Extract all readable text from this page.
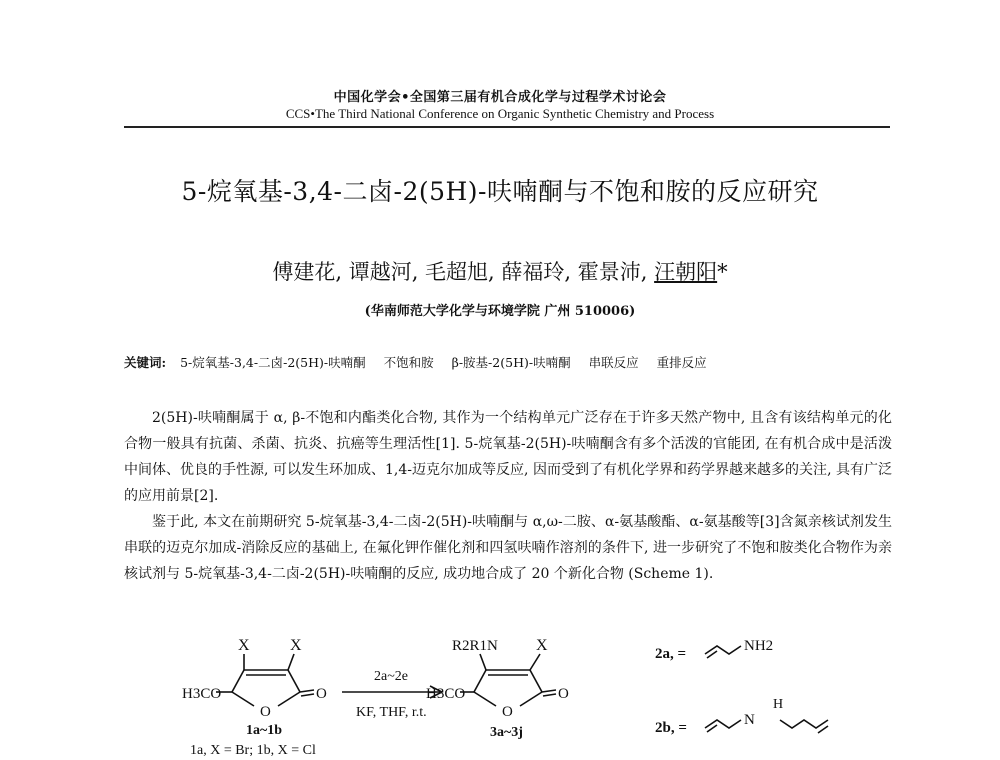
中国化学会•全国第三届有机合成化学与过程学术讨论会
CCS•The Third National Conference on Organic Synthetic Chemistry and Process
5-烷氧基-3,4-二卤-2(5H)-呋喃酮与不饱和胺的反应研究
傅建花, 谭越河, 毛超旭, 薛福玲, 霍景沛, 汪朝阳*
(华南师范大学化学与环境学院 广州 510006)
关键词: 5-烷氧基-3,4-二卤-2(5H)-呋喃酮 不饱和胺 β-胺基-2(5H)-呋喃酮 串联反应 重排反应
2(5H)-呋喃酮属于 α, β-不饱和内酯类化合物, 其作为一个结构单元广泛存在于许多天然产物中, 且含有该结构单元的化合物一般具有抗菌、杀菌、抗炎、抗癌等生理活性[1]. 5-烷氧基-2(5H)-呋喃酮含有多个活泼的官能团, 在有机合成中是活泼中间体、优良的手性源, 可以发生环加成、1,4-迈克尔加成等反应, 因而受到了有机化学界和药学界越来越多的关注, 具有广泛的应用前景[2].
鉴于此, 本文在前期研究 5-烷氧基-3,4-二卤-2(5H)-呋喃酮与 α,ω-二胺、α-氨基酸酯、α-氨基酸等[3]含氮亲核试剂发生串联的迈克尔加成-消除反应的基础上, 在氟化钾作催化剂和四氢呋喃作溶剂的条件下, 进一步研究了不饱和胺类化合物作为亲核试剂与 5-烷氧基-3,4-二卤-2(5H)-呋喃酮的反应, 成功地合成了 20 个新化合物 (Scheme 1).
X	X
H3CO
O
O
1a~1b
1a, X = Br; 1b, X = Cl
2a~2e
KF, THF, r.t.
R2R1N X
H3CO
O
O
3a~3j
2a, =	NH2
2b, =
H
N
